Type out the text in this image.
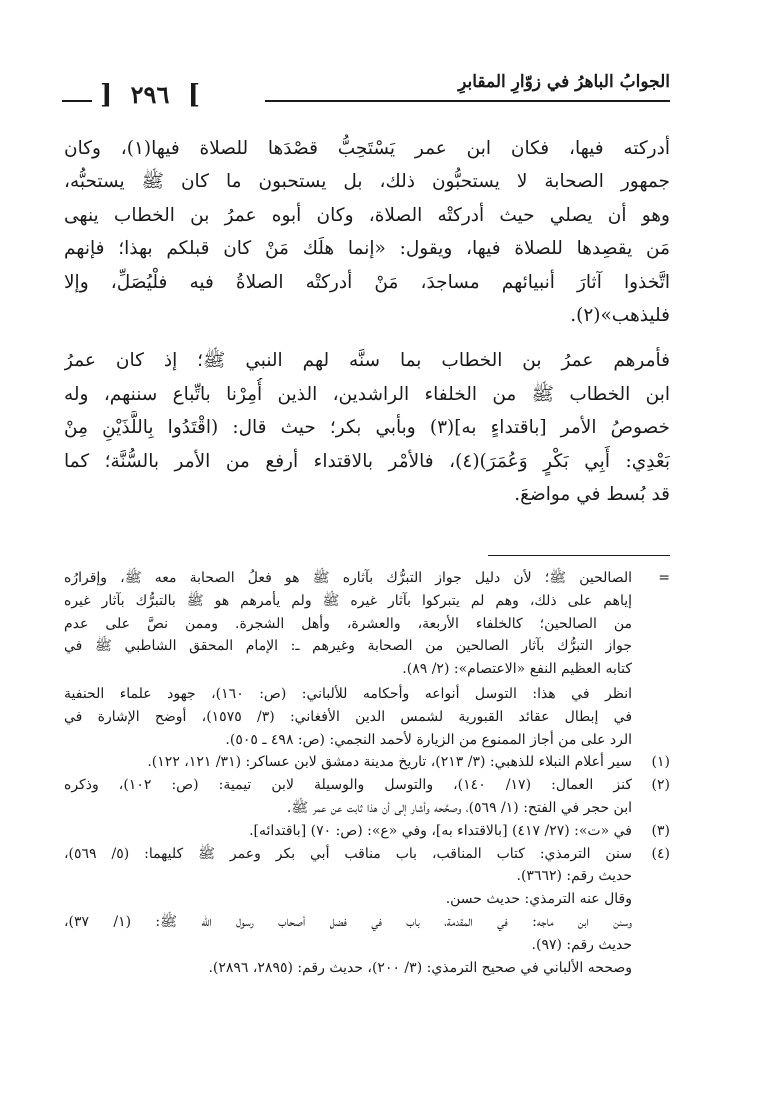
الجوابُ الباهرُ في زوّارِ المقابرِ
]
٢٩٦
[
أدركته فيها، فكان ابن عمر يَسْتَحِبُّ قصْدَها للصلاة فيها(١)، وكان
جمهور الصحابة لا يستحبُّون ذلك، بل يستحبون ما كان ﷺ يستحبُّه،
وهو أن يصلي حيث أدركتْه الصلاة، وكان أبوه عمرُ بن الخطاب ينهى
مَن يقصِدها للصلاة فيها، ويقول: «إنما هلَك مَنْ كان قبلكم بهذا؛ فإنهم
اتَّخذوا آثارَ أنبيائهم مساجدَ، مَنْ أدركتْه الصلاةُ فيه فلْيُصَلِّ، وإلا
فليذهب»(٢).
فأمرهم عمرُ بن الخطاب بما سنَّه لهم النبي ﷺ؛ إذ كان عمرُ
ابن الخطاب ﷺ من الخلفاء الراشدين، الذين أُمِرْنا باتِّباع سننهم، وله
خصوصُ الأمر [باقتداءٍ به](٣) وبأبي بكر؛ حيث قال: (اقْتَدُوا بِاللَّذَيْنِ مِنْ
بَعْدِي: أَبِي بَكْرٍ وَعُمَرَ)(٤)، فالأمْر بالاقتداء أرفع من الأمر بالسُّنَّة؛ كما
قد بُسط في مواضعَ.
=
الصالحين ﷺ؛ لأن دليل جواز التبرُّك بآثاره ﷺ هو فعلُ الصحابة معه ﷺ، وإقرارُه
إياهم على ذلك، وهم لم يتبركوا بآثار غيره ﷺ ولم يأمرهم هو ﷺ بالتبرُّك بآثار غيره
من الصالحين؛ كالخلفاء الأربعة، والعشرة، وأهل الشجرة. وممن نصَّ على عدم
جواز التبرُّك بآثار الصالحين من الصحابة وغيرهم ـ: الإمام المحقق الشاطبي ﷺ في
كتابه العظيم النفع «الاعتصام»: (٢/ ٨٩).
انظر في هذا: التوسل أنواعه وأحكامه للألباني: (ص: ١٦٠)، جهود علماء الحنفية
في إبطال عقائد القبورية لشمس الدين الأفغاني: (٣/ ١٥٧٥)، أوضح الإشارة في
الرد على من أجاز الممنوع من الزيارة لأحمد النجمي: (ص: ٤٩٨ ـ ٥٠٥).
(١)
سير أعلام النبلاء للذهبي: (٣/ ٢١٣)، تاريخ مدينة دمشق لابن عساكر: (٣١/ ١٢١، ١٢٢).
(٢)
كنز العمال: (١٧/ ١٤٠)، والتوسل والوسيلة لابن تيمية: (ص: ١٠٢)، وذكره
ابن حجر في الفتح: (١/ ٥٦٩)، وصحَّحه وأشار إلى أن هذا ثابت عن عمر ﷺ.
(٣)
في «ت»: (٢٧/ ٤١٧) [بالاقتداء به]، وفي «ع»: (ص: ٧٠) [باقتدائه].
(٤)
سنن الترمذي: كتاب المناقب، باب مناقب أبي بكر وعمر ﷺ كليهما: (٥/ ٥٦٩)،
حديث رقم: (٣٦٦٢).
وقال عنه الترمذي: حديث حسن.
وسنن ابن ماجه: في المقدمة، باب في فضل أصحاب رسول الله ﷺ: (١/ ٣٧)،
حديث رقم: (٩٧).
وصححه الألباني في صحيح الترمذي: (٣/ ٢٠٠)، حديث رقم: (٢٨٩٥، ٢٨٩٦).
